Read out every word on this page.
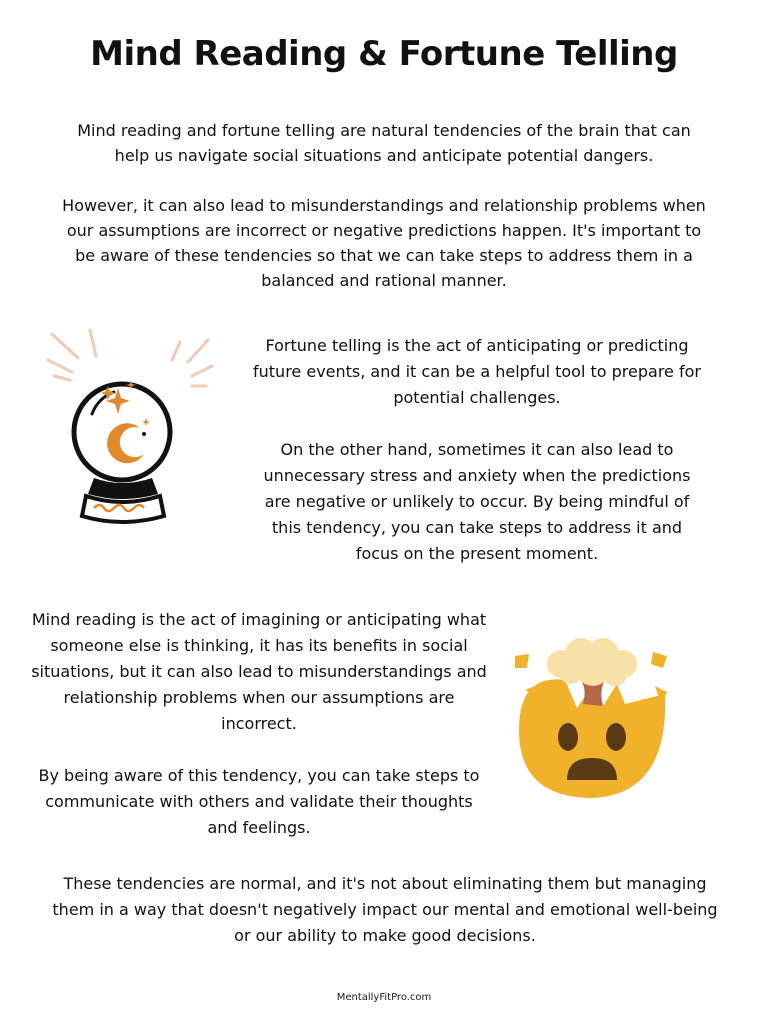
Mind Reading & Fortune Telling

Mind reading and fortune telling are natural tendencies of the brain that can help us navigate social situations and anticipate potential dangers.

However, it can also lead to misunderstandings and relationship problems when our assumptions are incorrect or negative predictions happen. It's important to be aware of these tendencies so that we can take steps to address them in a balanced and rational manner.

Fortune telling is the act of anticipating or predicting future events, and it can be a helpful tool to prepare for potential challenges.

On the other hand, sometimes it can also lead to unnecessary stress and anxiety when the predictions are negative or unlikely to occur. By being mindful of this tendency, you can take steps to address it and focus on the present moment.

Mind reading is the act of imagining or anticipating what someone else is thinking, it has its benefits in social situations, but it can also lead to misunderstandings and relationship problems when our assumptions are incorrect.

By being aware of this tendency, you can take steps to communicate with others and validate their thoughts and feelings.

These tendencies are normal, and it's not about eliminating them but managing them in a way that doesn't negatively impact our mental and emotional well-being or our ability to make good decisions.

MentallyFitPro.com
